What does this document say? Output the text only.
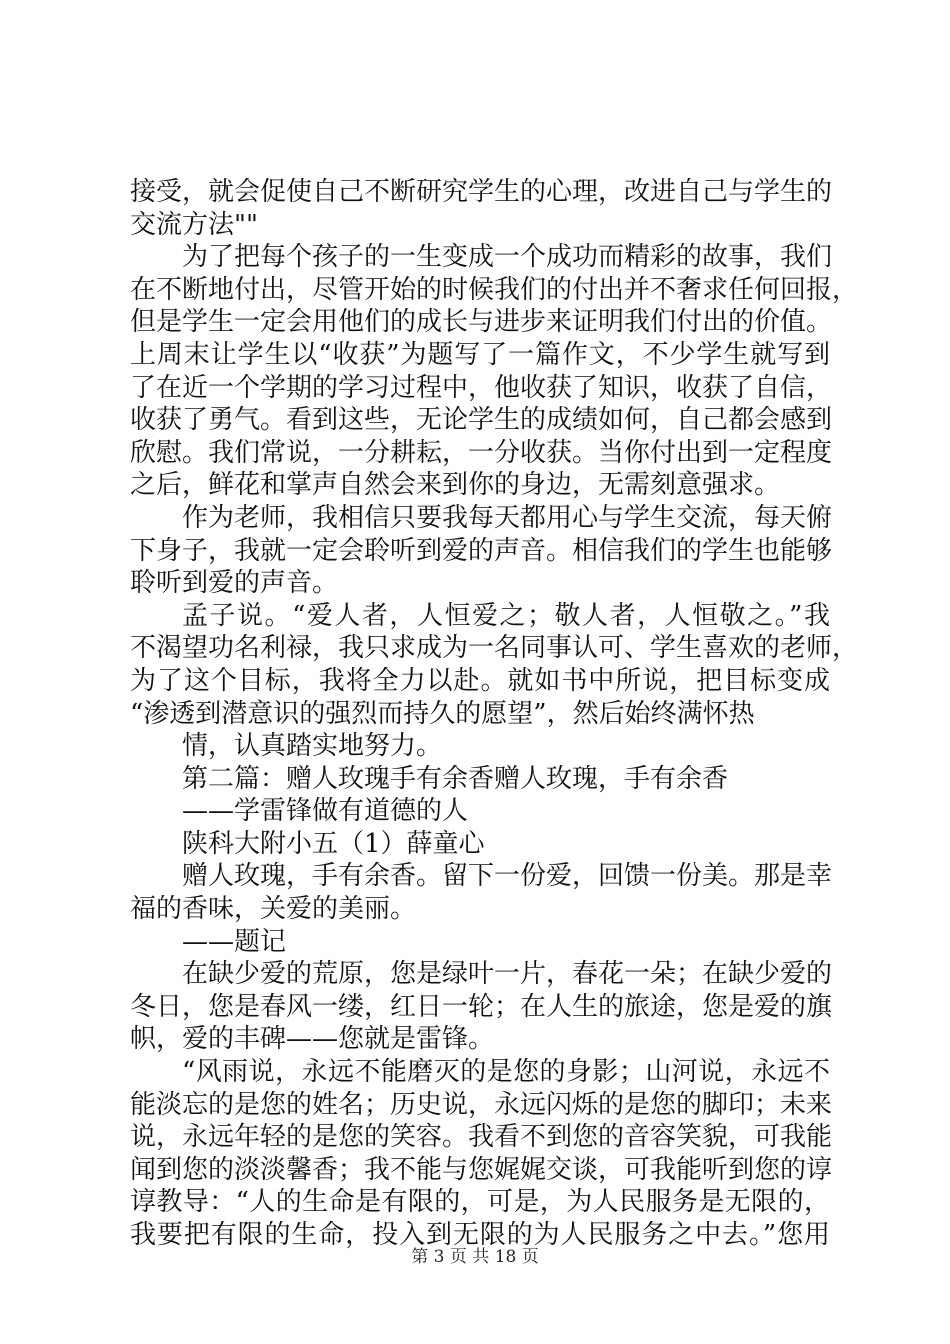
接受，就会促使自己不断研究学生的心理，改进自己与学生的
交流方法""
为了把每个孩子的一生变成一个成功而精彩的故事，我们
在不断地付出，尽管开始的时候我们的付出并不奢求任何回报，
但是学生一定会用他们的成长与进步来证明我们付出的价值。
上周末让学生以“收获”为题写了一篇作文，不少学生就写到
了在近一个学期的学习过程中，他收获了知识，收获了自信，
收获了勇气。看到这些，无论学生的成绩如何，自己都会感到
欣慰。我们常说，一分耕耘，一分收获。当你付出到一定程度
之后，鲜花和掌声自然会来到你的身边，无需刻意强求。
作为老师，我相信只要我每天都用心与学生交流，每天俯
下身子，我就一定会聆听到爱的声音。相信我们的学生也能够
聆听到爱的声音。
孟子说。“爱人者，人恒爱之；敬人者，人恒敬之。”我
不渴望功名利禄，我只求成为一名同事认可、学生喜欢的老师，
为了这个目标，我将全力以赴。就如书中所说，把目标变成
“渗透到潜意识的强烈而持久的愿望”，然后始终满怀热
情，认真踏实地努力。
第二篇：赠人玫瑰手有余香赠人玫瑰，手有余香
——学雷锋做有道德的人
陕科大附小五（1）薛童心
赠人玫瑰，手有余香。留下一份爱，回馈一份美。那是幸
福的香味，关爱的美丽。
——题记
在缺少爱的荒原，您是绿叶一片，春花一朵；在缺少爱的
冬日，您是春风一缕，红日一轮；在人生的旅途，您是爱的旗
帜，爱的丰碑——您就是雷锋。
“风雨说，永远不能磨灭的是您的身影；山河说，永远不
能淡忘的是您的姓名；历史说，永远闪烁的是您的脚印；未来
说，永远年轻的是您的笑容。我看不到您的音容笑貌，可我能
闻到您的淡淡馨香；我不能与您娓娓交谈，可我能听到您的谆
谆教导：“人的生命是有限的，可是，为人民服务是无限的，
我要把有限的生命，投入到无限的为人民服务之中去。”您用
第 3 页 共 18 页
